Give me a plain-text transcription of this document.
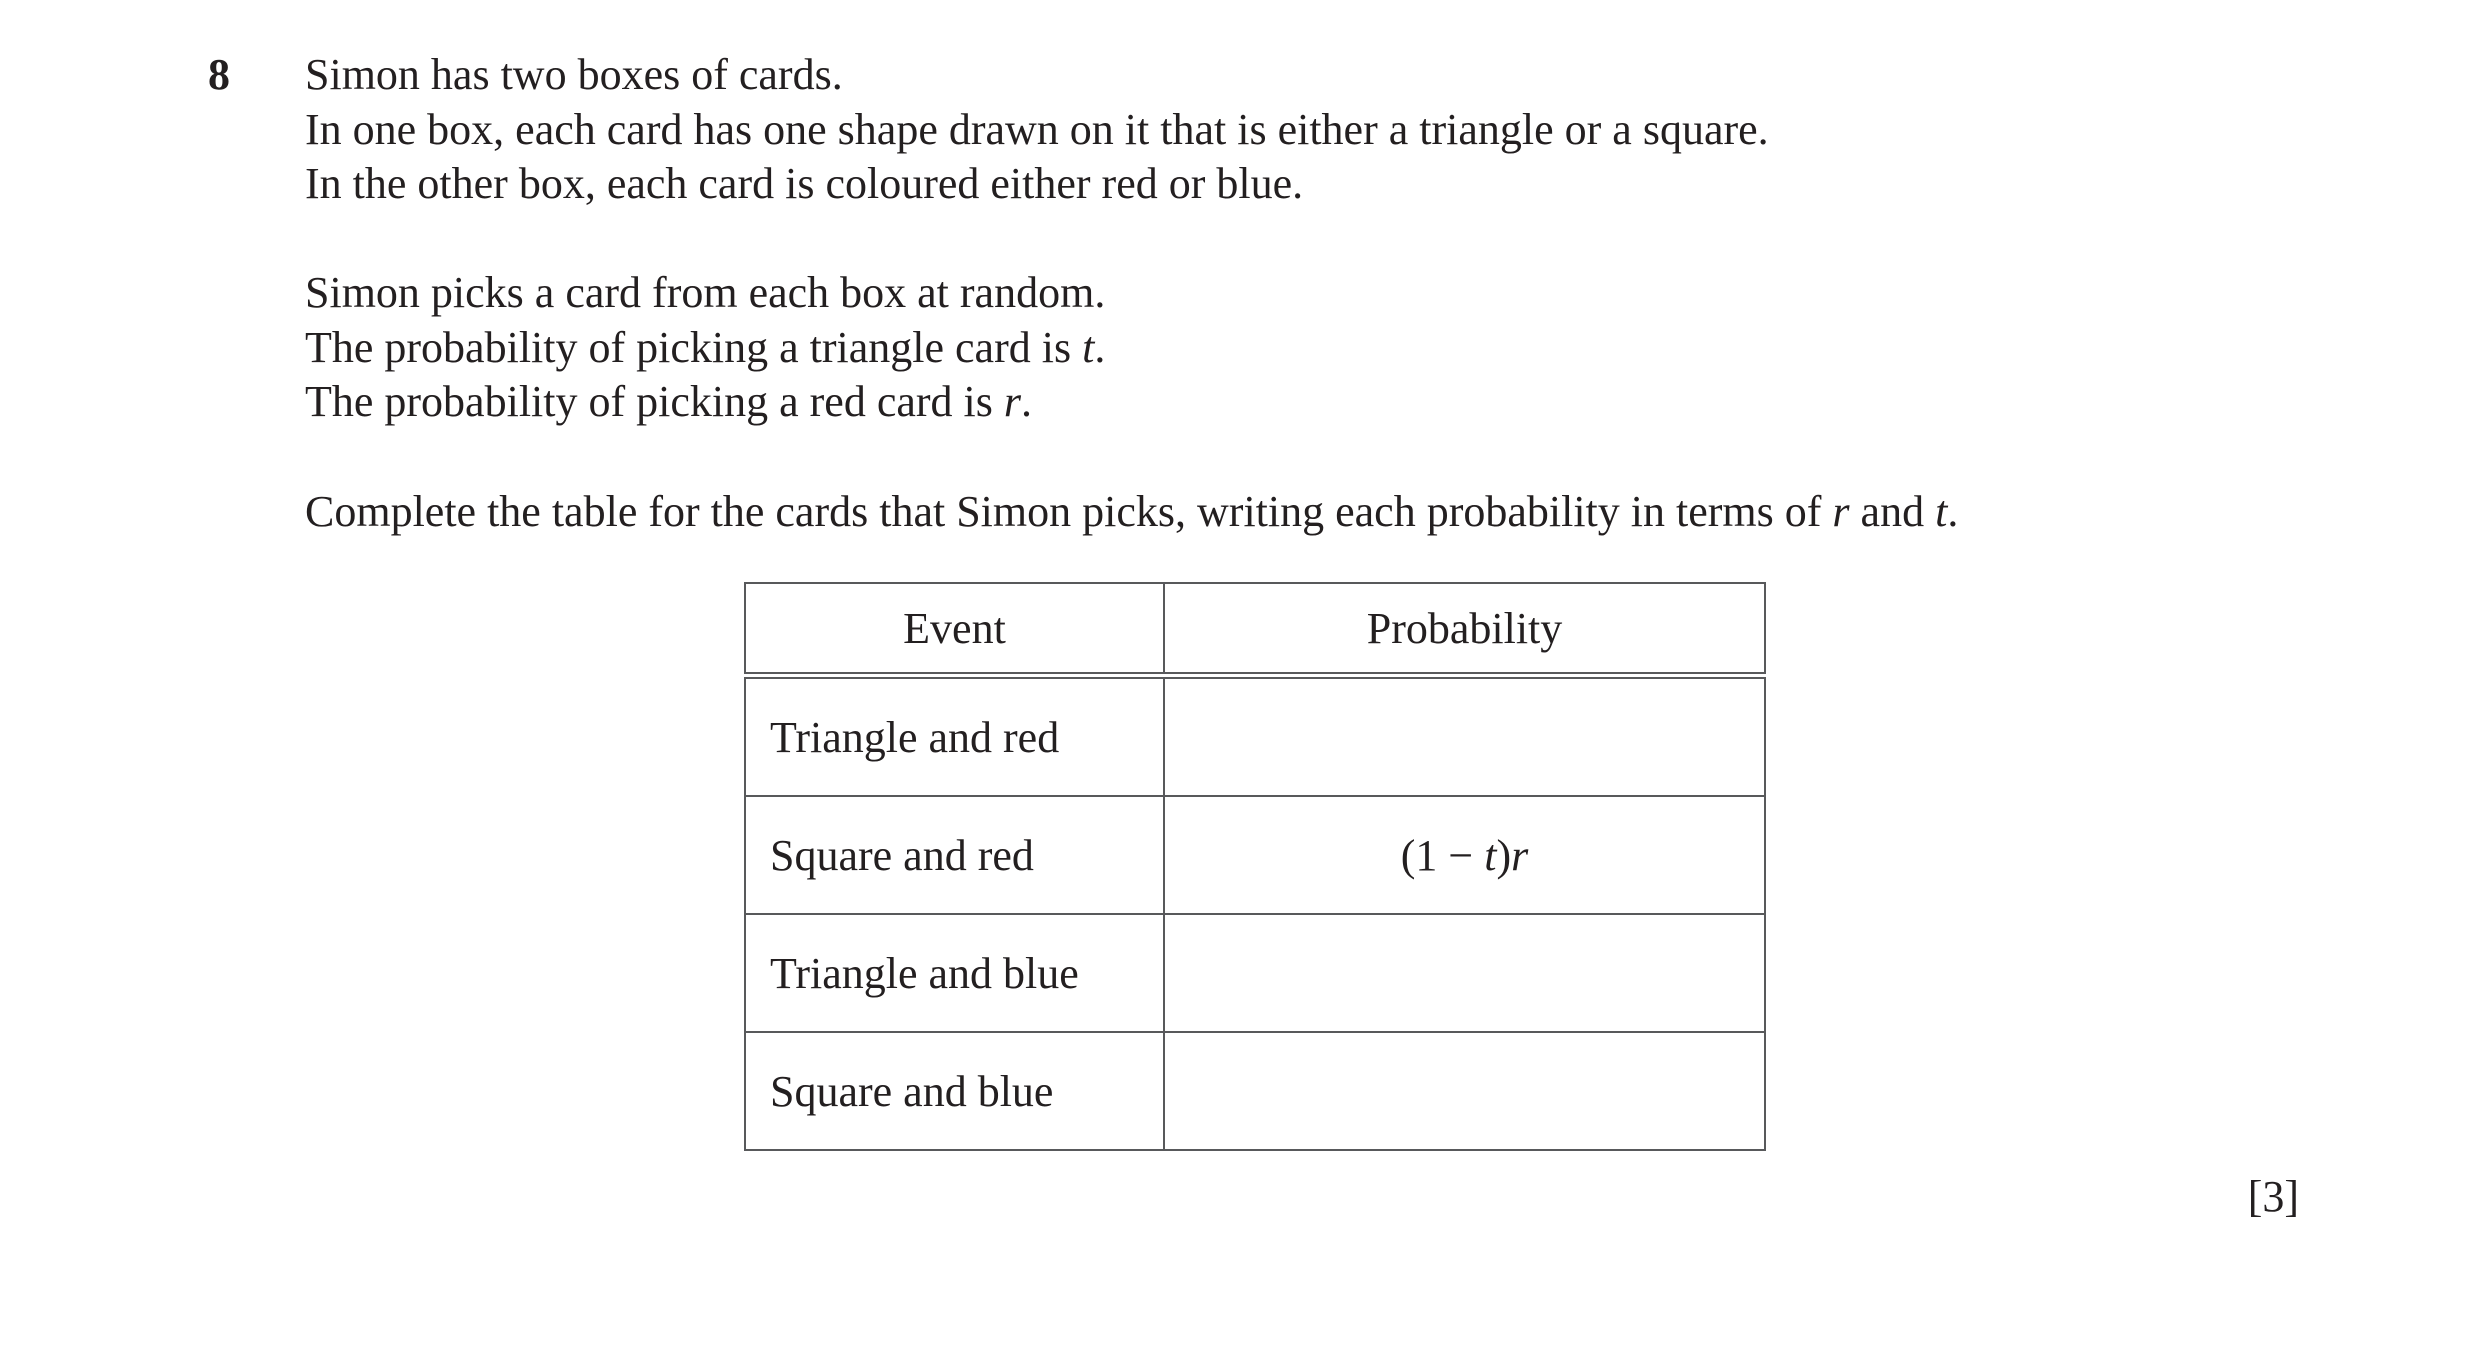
8 Simon has two boxes of cards.
In one box, each card has one shape drawn on it that is either a triangle or a square.
In the other box, each card is coloured either red or blue.
Simon picks a card from each box at random.
The probability of picking a triangle card is t.
The probability of picking a red card is r.
Complete the table for the cards that Simon picks, writing each probability in terms of r and t.
Event	Probability
Triangle and red	
Square and red	(1 − t)r
Triangle and blue	
Square and blue	
[3]
